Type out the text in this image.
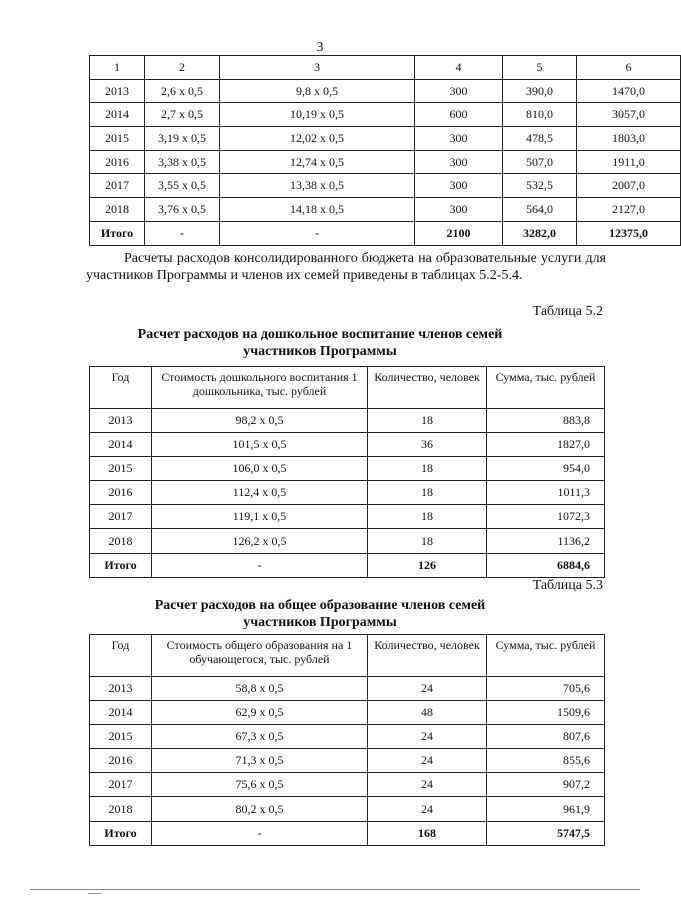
3
1	2	3	4	5	6
2013	2,6 х 0,5	9,8 х 0,5	300	390,0	1470,0
2014	2,7 х 0,5	10,19 х 0,5	600	810,0	3057,0
2015	3,19 х 0,5	12,02 х 0,5	300	478,5	1803,0
2016	3,38 х 0,5	12,74 х 0,5	300	507,0	1911,0
2017	3,55 х 0,5	13,38 х 0,5	300	532,5	2007,0
2018	3,76 х 0,5	14,18 х 0,5	300	564,0	2127,0
Итого	-	-	2100	3282,0	12375,0
Расчеты расходов консолидированного бюджета на образовательные услуги для участников Программы и членов их семей приведены в таблицах 5.2-5.4.
Таблица 5.2
Расчет расходов на дошкольное воспитание членов семей
участников Программы
Год	Стоимость дошкольного воспитания 1 дошкольника, тыс. рублей	Количество, человек	Сумма, тыс. рублей
2013	98,2 х 0,5	18	883,8
2014	101,5 х 0,5	36	1827,0
2015	106,0 х 0,5	18	954,0
2016	112,4 х 0,5	18	1011,3
2017	119,1 х 0,5	18	1072,3
2018	126,2 х 0,5	18	1136,2
Итого	-	126	6884,6
Таблица 5.3
Расчет расходов на общее образование членов семей
участников Программы
Год	Стоимость общего образования на 1 обучающегося, тыс. рублей	Количество, человек	Сумма, тыс. рублей
2013	58,8 х 0,5	24	705,6
2014	62,9 х 0,5	48	1509,6
2015	67,3 х 0,5	24	807,6
2016	71,3 х 0,5	24	855,6
2017	75,6 х 0,5	24	907,2
2018	80,2 х 0,5	24	961,9
Итого	-	168	5747,5
